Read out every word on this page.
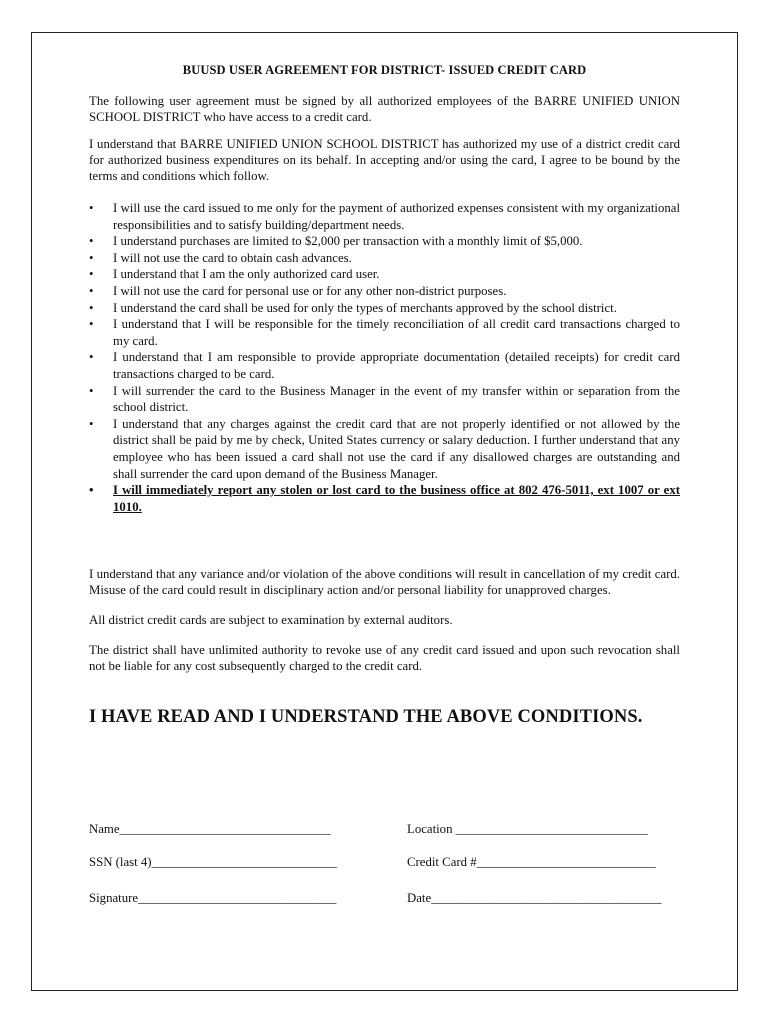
BUUSD USER AGREEMENT FOR DISTRICT- ISSUED CREDIT CARD

The following user agreement must be signed by all authorized employees of the BARRE UNIFIED UNION SCHOOL DISTRICT who have access to a credit card.

I understand that BARRE UNIFIED UNION SCHOOL DISTRICT has authorized my use of a district credit card for authorized business expenditures on its behalf. In accepting and/or using the card, I agree to be bound by the terms and conditions which follow.

• I will use the card issued to me only for the payment of authorized expenses consistent with my organizational responsibilities and to satisfy building/department needs.
• I understand purchases are limited to $2,000 per transaction with a monthly limit of $5,000.
• I will not use the card to obtain cash advances.
• I understand that I am the only authorized card user.
• I will not use the card for personal use or for any other non-district purposes.
• I understand the card shall be used for only the types of merchants approved by the school district.
• I understand that I will be responsible for the timely reconciliation of all credit card transactions charged to my card.
• I understand that I am responsible to provide appropriate documentation (detailed receipts) for credit card transactions charged to be card.
• I will surrender the card to the Business Manager in the event of my transfer within or separation from the school district.
• I understand that any charges against the credit card that are not properly identified or not allowed by the district shall be paid by me by check, United States currency or salary deduction. I further understand that any employee who has been issued a card shall not use the card if any disallowed charges are outstanding and shall surrender the card upon demand of the Business Manager.
• I will immediately report any stolen or lost card to the business office at 802 476-5011, ext 1007 or ext 1010.

I understand that any variance and/or violation of the above conditions will result in cancellation of my credit card. Misuse of the card could result in disciplinary action and/or personal liability for unapproved charges.

All district credit cards are subject to examination by external auditors.

The district shall have unlimited authority to revoke use of any credit card issued and upon such revocation shall not be liable for any cost subsequently charged to the credit card.

I HAVE READ AND I UNDERSTAND THE ABOVE CONDITIONS.
Name_________________________________	Location ______________________________
SSN (last 4)_____________________________	Credit Card #____________________________
Signature_______________________________	Date____________________________________
